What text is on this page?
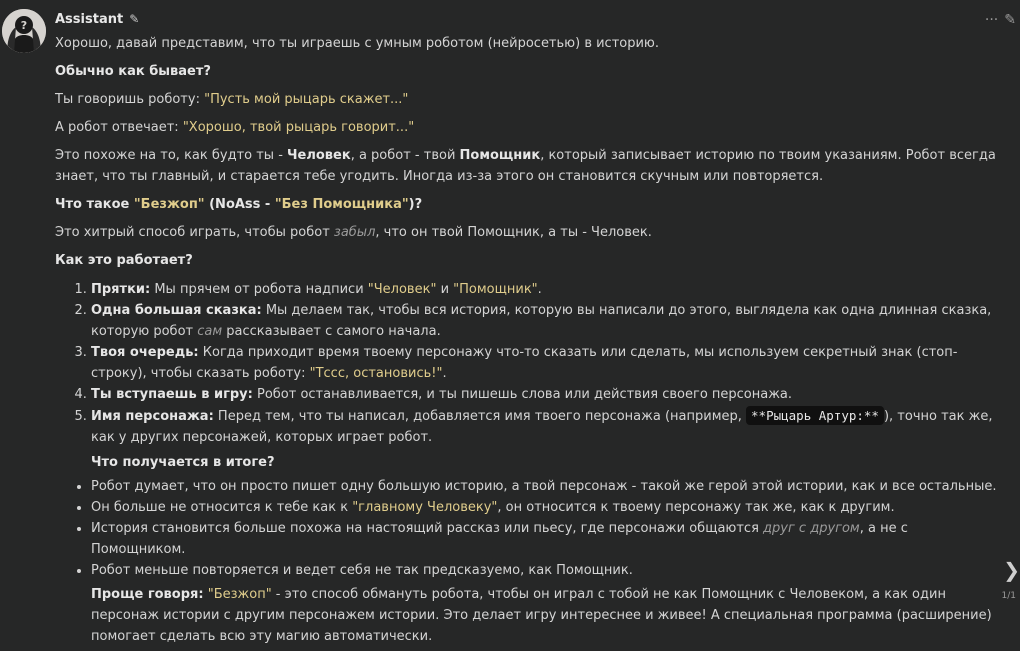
? Assistant ✎	··· ✎

Хорошо, давай представим, что ты играешь с умным роботом (нейросетью) в историю.

Обычно как бывает?

Ты говоришь роботу: "Пусть мой рыцарь скажет..."

А робот отвечает: "Хорошо, твой рыцарь говорит..."

Это похоже на то, как будто ты - Человек, а робот - твой Помощник, который записывает историю по твоим указаниям. Робот всегда знает, что ты главный, и старается тебе угодить. Иногда из-за этого он становится скучным или повторяется.

Что такое "Безжоп" (NoAss - "Без Помощника")?

Это хитрый способ играть, чтобы робот забыл, что он твой Помощник, а ты - Человек.

Как это работает?

1. Прятки: Мы прячем от робота надписи "Человек" и "Помощник".
2. Одна большая сказка: Мы делаем так, чтобы вся история, которую вы написали до этого, выглядела как одна длинная сказка, которую робот сам рассказывает с самого начала.
3. Твоя очередь: Когда приходит время твоему персонажу что-то сказать или сделать, мы используем секретный знак (стоп-строку), чтобы сказать роботу: "Тссс, остановись!".
4. Ты вступаешь в игру: Робот останавливается, и ты пишешь слова или действия своего персонажа.
5. Имя персонажа: Перед тем, что ты написал, добавляется имя твоего персонажа (например, **Рыцарь Артур:** ), точно так же, как у других персонажей, которых играет робот.

Что получается в итоге?

• Робот думает, что он просто пишет одну большую историю, а твой персонаж - такой же герой этой истории, как и все остальные.
• Он больше не относится к тебе как к "главному Человеку", он относится к твоему персонажу так же, как к другим.
• История становится больше похожа на настоящий рассказ или пьесу, где персонажи общаются друг с другом, а не с Помощником.
• Робот меньше повторяется и ведет себя не так предсказуемо, как Помощник.

Проще говоря: "Безжоп" - это способ обмануть робота, чтобы он играл с тобой не как Помощник с Человеком, а как один персонаж истории с другим персонажем истории. Это делает игру интереснее и живее! А специальная программа (расширение) помогает сделать всю эту магию автоматически.

❯
1/1
